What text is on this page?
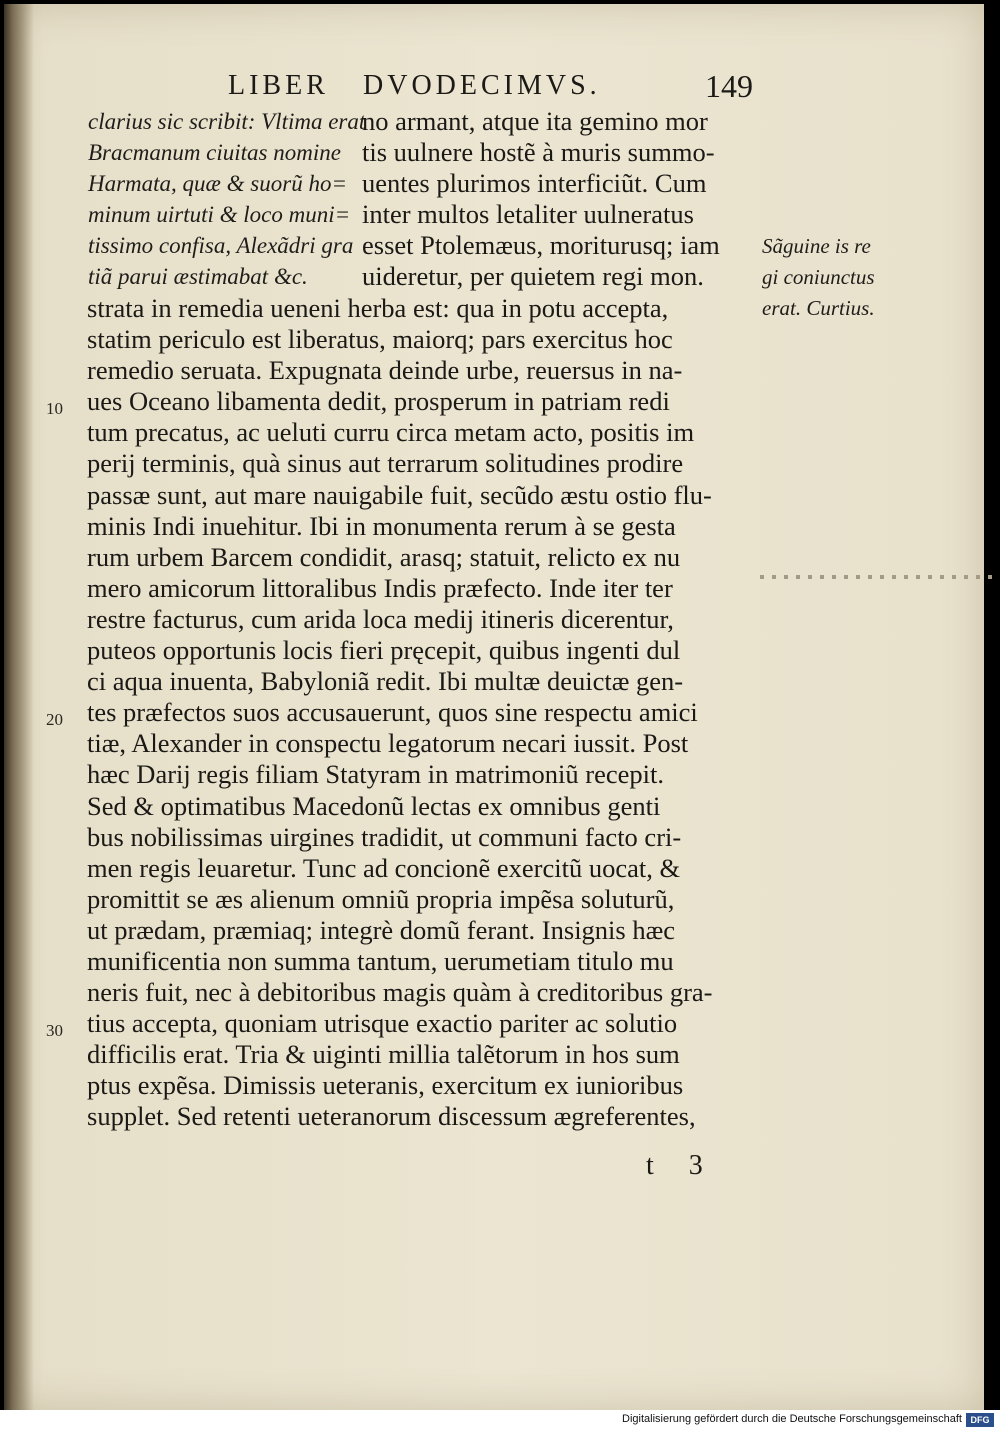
LIBER DVODECIMVS.	149
clarius sic scribit: Vltima erat
Bracmanum ciuitas nomine
Harmata, quæ & suorũ ho=
minum uirtuti & loco muni=
tissimo confisa, Alexãdri gra
tiã parui æstimabat &c.
no armant, atque ita gemino mor
tis uulnere hostẽ à muris summo-
uentes plurimos interficiũt. Cum
inter multos letaliter uulneratus
esset Ptolemæus, moriturusq; iam
uideretur, per quietem regi mon.
strata in remedia ueneni herba est: qua in potu accepta,
statim periculo est liberatus, maiorq; pars exercitus hoc
remedio seruata. Expugnata deinde urbe, reuersus in na-
ues Oceano libamenta dedit, prosperum in patriam redi
tum precatus, ac ueluti curru circa metam acto, positis im
perij terminis, quà sinus aut terrarum solitudines prodire
passæ sunt, aut mare nauigabile fuit, secũdo æstu ostio flu-
minis Indi inuehitur. Ibi in monumenta rerum à se gesta
rum urbem Barcem condidit, arasq; statuit, relicto ex nu
mero amicorum littoralibus Indis præfecto. Inde iter ter
restre facturus, cum arida loca medij itineris dicerentur,
puteos opportunis locis fieri pręcepit, quibus ingenti dul
ci aqua inuenta, Babyloniã redit. Ibi multæ deuictæ gen-
tes præfectos suos accusauerunt, quos sine respectu amici
tiæ, Alexander in conspectu legatorum necari iussit. Post
hæc Darij regis filiam Statyram in matrimoniũ recepit.
Sed & optimatibus Macedonũ lectas ex omnibus genti
bus nobilissimas uirgines tradidit, ut communi facto cri-
men regis leuaretur. Tunc ad concionẽ exercitũ uocat, &
promittit se æs alienum omniũ propria impẽsa soluturũ,
ut prædam, præmiaq; integrè domũ ferant. Insignis hæc
munificentia non summa tantum, uerumetiam titulo mu
neris fuit, nec à debitoribus magis quàm à creditoribus gra-
tius accepta, quoniam utrisque exactio pariter ac solutio
difficilis erat. Tria & uiginti millia talẽtorum in hos sum
ptus expẽsa. Dimissis ueteranis, exercitum ex iunioribus
supplet. Sed retenti ueteranorum discessum ægreferentes,
10
20
30
Sãguine is re
gi coniunctus
erat. Curtius.
t 3
Digitalisierung gefördert durch die Deutsche Forschungsgemeinschaft DFG
